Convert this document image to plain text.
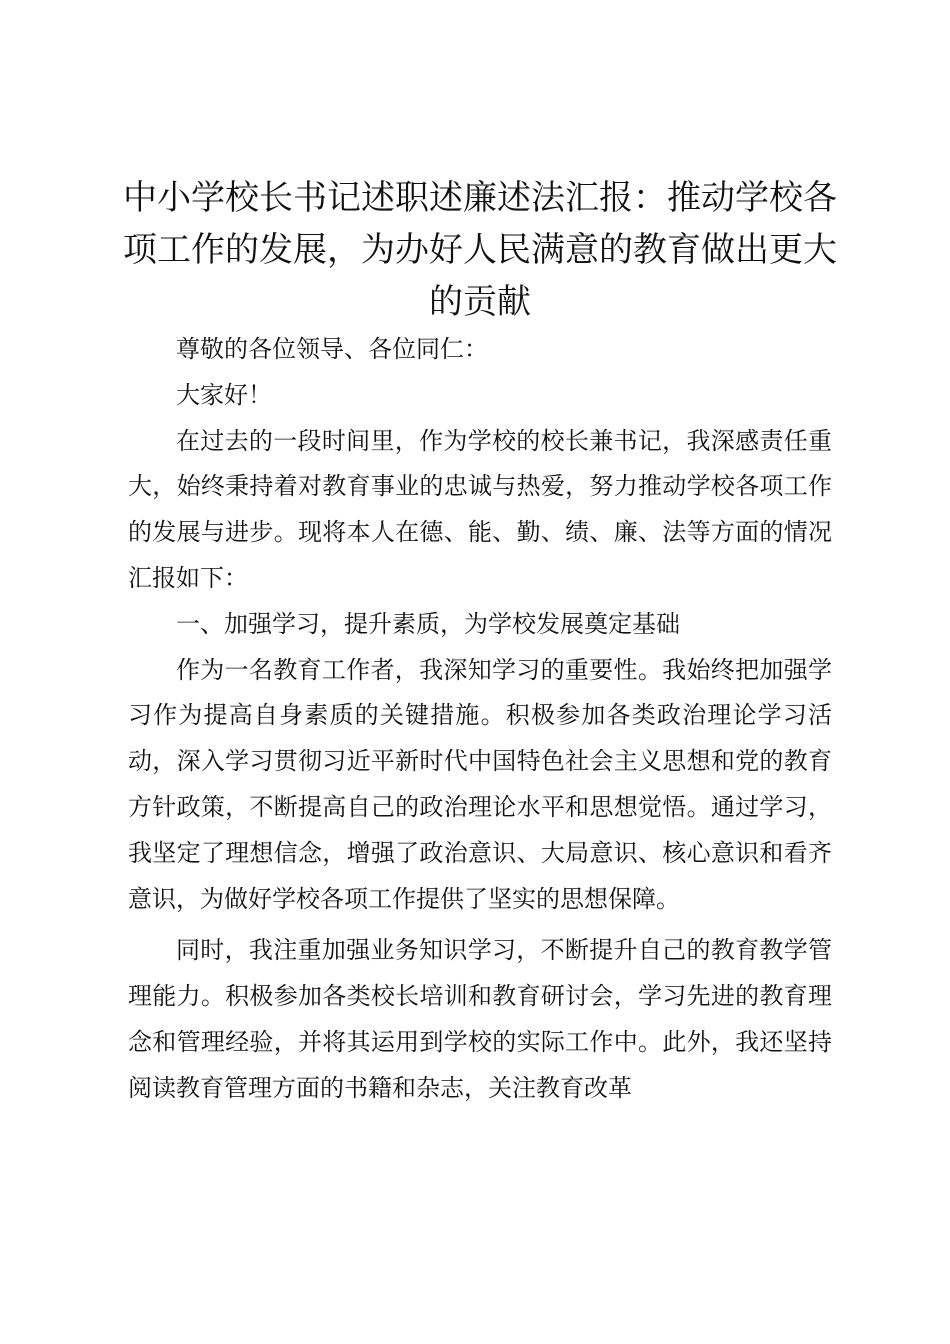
中小学校长书记述职述廉述法汇报：推动学校各项工作的发展，为办好人民满意的教育做出更大的贡献

尊敬的各位领导、各位同仁：

大家好！

在过去的一段时间里，作为学校的校长兼书记，我深感责任重大，始终秉持着对教育事业的忠诚与热爱，努力推动学校各项工作的发展与进步。现将本人在德、能、勤、绩、廉、法等方面的情况汇报如下：

一、加强学习，提升素质，为学校发展奠定基础

作为一名教育工作者，我深知学习的重要性。我始终把加强学习作为提高自身素质的关键措施。积极参加各类政治理论学习活动，深入学习贯彻习近平新时代中国特色社会主义思想和党的教育方针政策，不断提高自己的政治理论水平和思想觉悟。通过学习，我坚定了理想信念，增强了政治意识、大局意识、核心意识和看齐意识，为做好学校各项工作提供了坚实的思想保障。

同时，我注重加强业务知识学习，不断提升自己的教育教学管理能力。积极参加各类校长培训和教育研讨会，学习先进的教育理念和管理经验，并将其运用到学校的实际工作中。此外，我还坚持阅读教育管理方面的书籍和杂志，关注教育改革
